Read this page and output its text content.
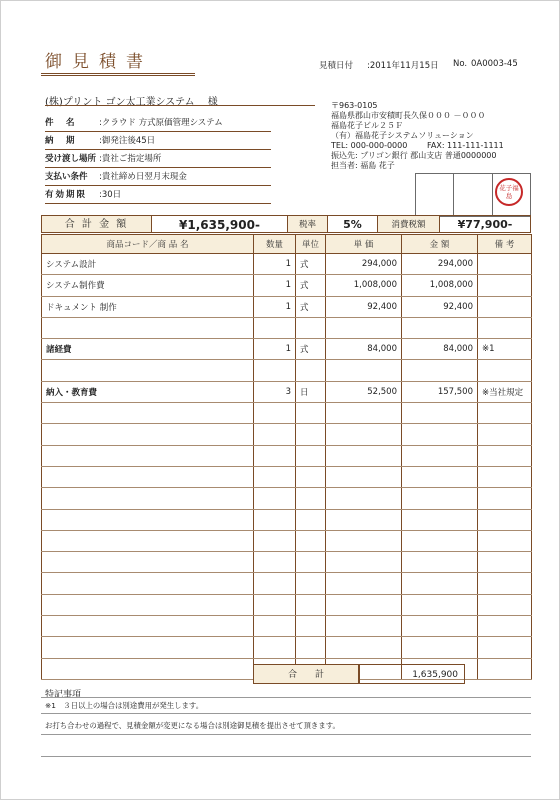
御見積書	見積日付 :2011年11月15日 No. 0A0003-45
(株)プリント ゴン太工業システム 様	〒963-0105
福島県郡山市安積町長久保０００ －０００
福島花子ビル２５Ｆ
（有）福島花子システムソリューション
TEL: 000-000-0000 FAX: 111-111-1111
振込先: プリゴン銀行 郡山支店 普通0000000
担当者: 福島 花子
花子福島
件　名	:クラウド 方式原価管理システム
納　期	:御発注後45日
受け渡し場所 :貴社ご指定場所
支払い条件 :貴社締め日翌月末現金
有効期限 :30日
合 計 金 額	¥1,635,900-	税率	5%	消費税額	¥77,900-
商品コード／商 品 名	数量	単位	単 価	金 額	備 考
システム設計	1	式	294,000	294,000	
システム制作費	1	式	1,008,000	1,008,000	
ドキュメント 制作	1	式	92,400	92,400	

諸経費	1	式	84,000	84,000	※1

納入・教育費	3	日	52,500	157,500	※当社規定

合　　計	1,635,900
特記事項
※1　３日以上の場合は別途費用が発生します。
お打ち合わせの過程で、見積金額が変更になる場合は別途御見積を提出させて頂きます。
